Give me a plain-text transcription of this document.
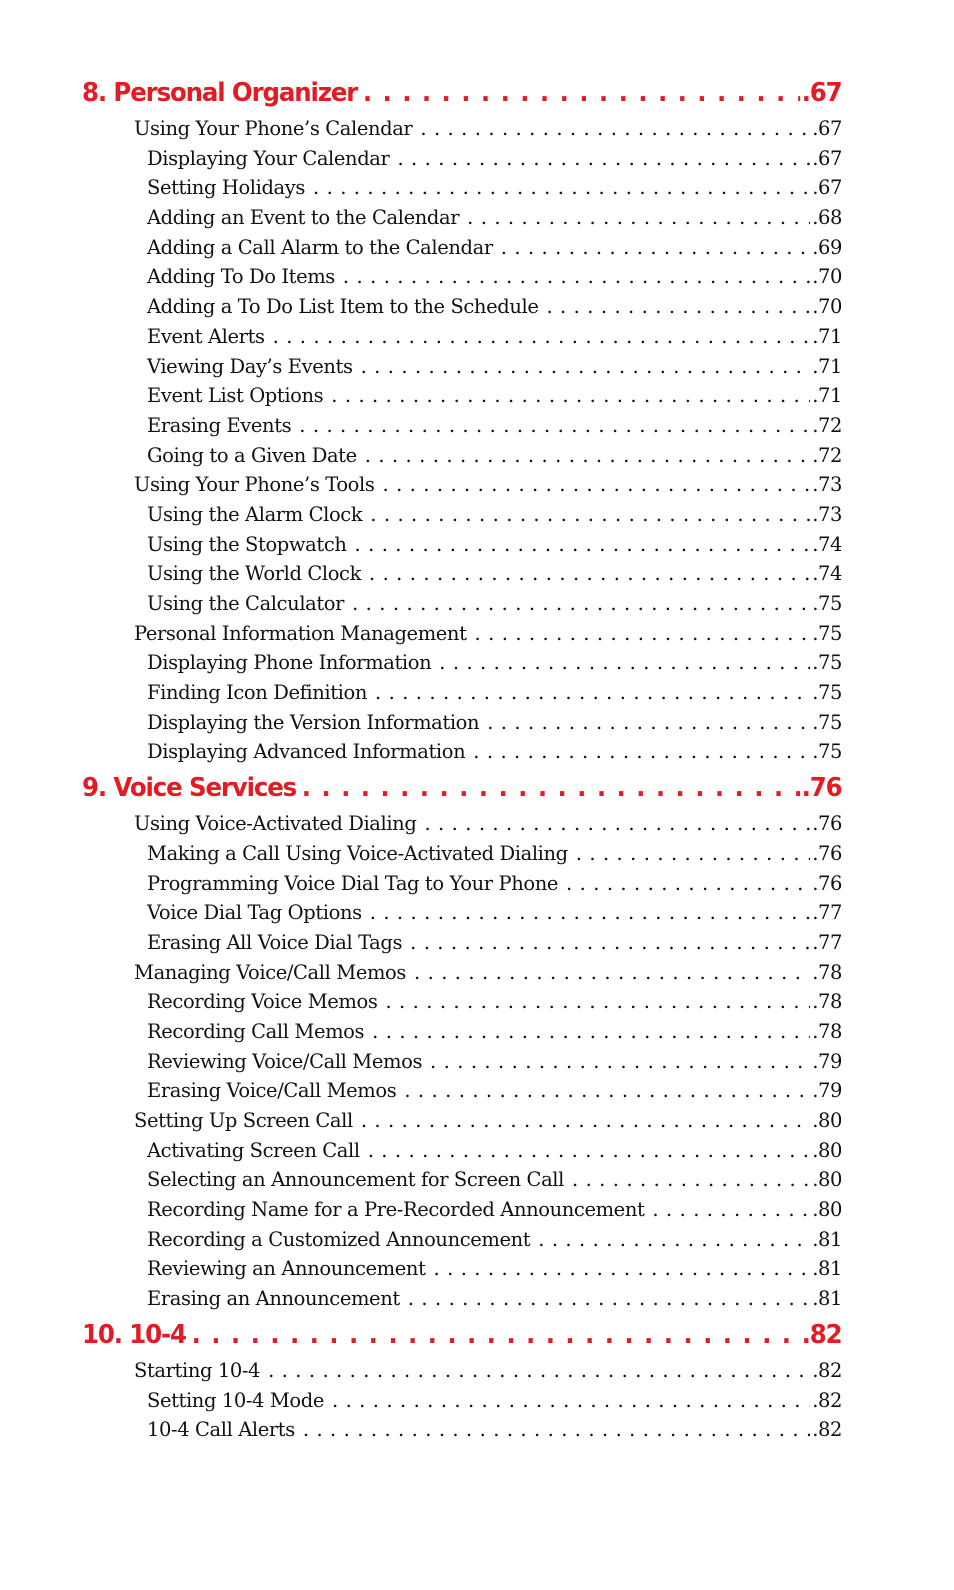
8. Personal Organizer . . .	.67
Using Your Phone’s Calendar . . .	.67
Displaying Your Calendar . . .	.67
Setting Holidays . . .	.67
Adding an Event to the Calendar . . .	.68
Adding a Call Alarm to the Calendar . . .	.69
Adding To Do Items . . .	.70
Adding a To Do List Item to the Schedule . . .	.70
Event Alerts . . .	.71
Viewing Day’s Events . . .	.71
Event List Options . . .	.71
Erasing Events . . .	.72
Going to a Given Date . . .	.72
Using Your Phone’s Tools . . .	.73
Using the Alarm Clock . . .	.73
Using the Stopwatch . . .	.74
Using the World Clock . . .	.74
Using the Calculator . . .	.75
Personal Information Management . . .	.75
Displaying Phone Information . . .	.75
Finding Icon Definition . . .	.75
Displaying the Version Information . . .	.75
Displaying Advanced Information . . .	.75
9. Voice Services . . .	.76
Using Voice-Activated Dialing . . .	.76
Making a Call Using Voice-Activated Dialing . . .	.76
Programming Voice Dial Tag to Your Phone . . .	.76
Voice Dial Tag Options . . .	.77
Erasing All Voice Dial Tags . . .	.77
Managing Voice/Call Memos . . .	.78
Recording Voice Memos . . .	.78
Recording Call Memos . . .	.78
Reviewing Voice/Call Memos . . .	.79
Erasing Voice/Call Memos . . .	.79
Setting Up Screen Call . . .	.80
Activating Screen Call . . .	.80
Selecting an Announcement for Screen Call . . .	.80
Recording Name for a Pre-Recorded Announcement . . .	.80
Recording a Customized Announcement . . .	.81
Reviewing an Announcement . . .	.81
Erasing an Announcement . . .	.81
10. 10-4 . . .	.82
Starting 10-4 . . .	.82
Setting 10-4 Mode . . .	.82
10-4 Call Alerts . . .	.82
